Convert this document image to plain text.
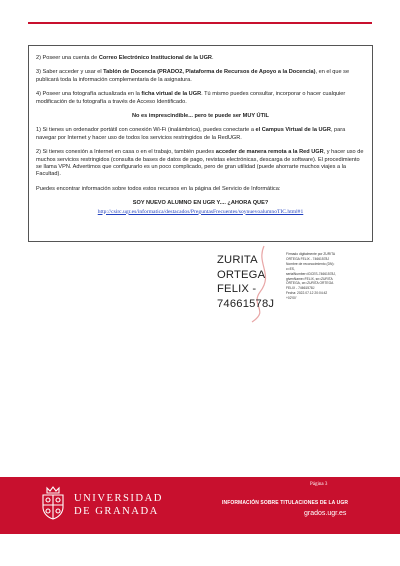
2) Poseer una cuenta de Correo Electrónico Institucional de la UGR.

3) Saber acceder y usar el Tablón de Docencia (PRADO2, Plataforma de Recursos de Apoyo a la Docencia), en el que se publicará toda la información complementaria de la asignatura.

4) Poseer una fotografía actualizada en la ficha virtual de la UGR. Tú mismo puedes consultar, incorporar o hacer cualquier modificación de tu fotografía a través de Acceso Identificado.

No es imprescindible... pero te puede ser MUY ÚTIL

1) Si tienes un ordenador portátil con conexión Wi-Fi (inalámbrica), puedes conectarte a el Campus Virtual de la UGR, para navegar por Internet y hacer uso de todos los servicios restringidos de la RedUGR.

2) Si tienes conexión a Internet en casa o en el trabajo, también puedes acceder de manera remota a la Red UGR, y hacer uso de muchos servicios restringidos (consulta de bases de datos de pago, revistas electrónicas, descarga de software). El procedimiento se llama VPN. Advertimos que configurarlo es un poco complicado, pero de gran utilidad (puede ahorrarte muchos viajes a la Facultad).

Puedes encontrar información sobre todos estos recursos en la página del Servicio de Informática:

SOY NUEVO ALUMNO EN UGR Y.... ¿AHORA QUE?

http://csirc.ugr.es/informatica/destacados/PreguntasFrecuentes/soynuevoalumnoTIC.html#1

ZURITA
ORTEGA
FELIX -
74661578J
Firmado digitalmente por ZURITA
ORTEGA FELIX - 74661578J
Nombre de reconocimiento (DN):
c=ES,
serialNumber=IDCES-74661578J,
givenName=FELIX, sn=ZURITA
ORTEGA, cn=ZURITA ORTEGA
FELIX - 74661578J
Fecha: 2022.07.12 20:04:42
+02'00'
UNIVERSIDAD
DE GRANADA
Página 3
INFORMACIÓN SOBRE TITULACIONES DE LA UGR
grados.ugr.es
